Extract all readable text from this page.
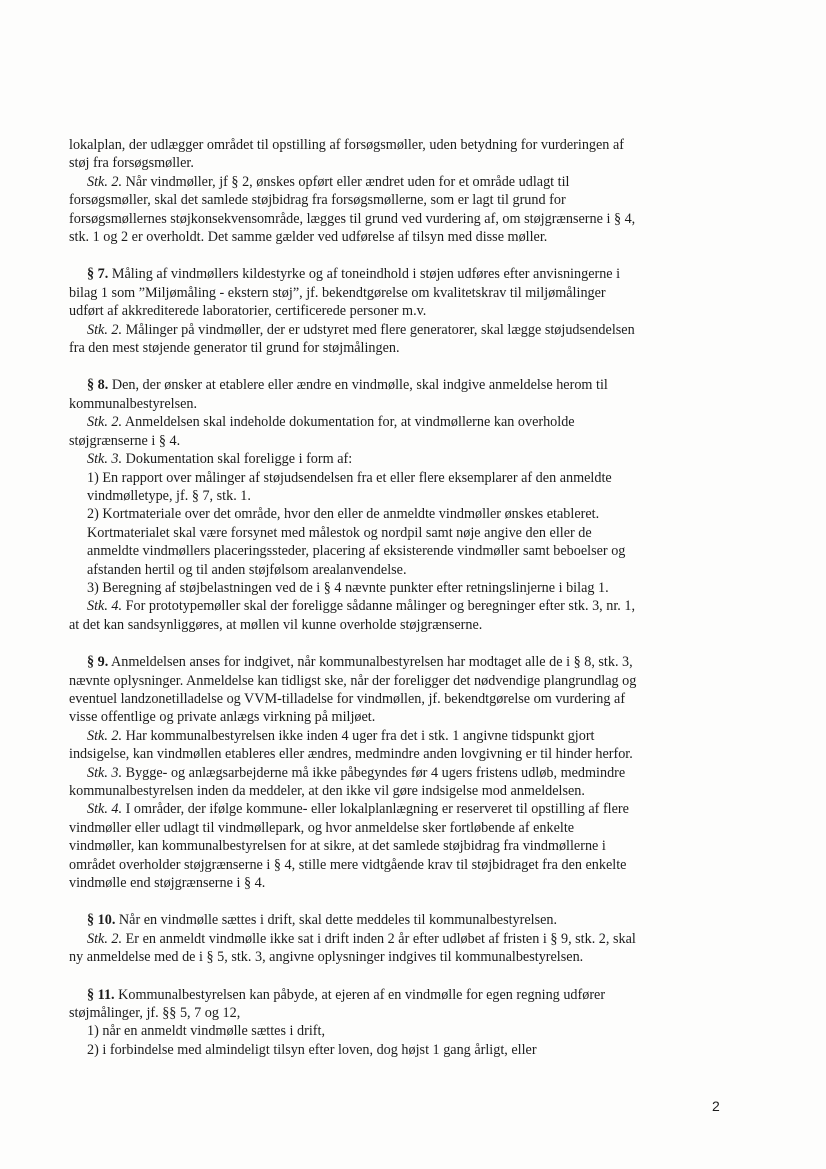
lokalplan, der udlægger området til opstilling af forsøgsmøller, uden betydning for vurderingen af
støj fra forsøgsmøller.
Stk. 2. Når vindmøller, jf § 2, ønskes opført eller ændret uden for et område udlagt til
forsøgsmøller, skal det samlede støjbidrag fra forsøgsmøllerne, som er lagt til grund for
forsøgsmøllernes støjkonsekvensområde, lægges til grund ved vurdering af, om støjgrænserne i § 4,
stk. 1 og 2 er overholdt. Det samme gælder ved udførelse af tilsyn med disse møller.
§ 7. Måling af vindmøllers kildestyrke og af toneindhold i støjen udføres efter anvisningerne i
bilag 1 som ”Miljømåling - ekstern støj”, jf. bekendtgørelse om kvalitetskrav til miljømålinger
udført af akkrediterede laboratorier, certificerede personer m.v.
Stk. 2. Målinger på vindmøller, der er udstyret med flere generatorer, skal lægge støjudsendelsen
fra den mest støjende generator til grund for støjmålingen.
§ 8. Den, der ønsker at etablere eller ændre en vindmølle, skal indgive anmeldelse herom til
kommunalbestyrelsen.
Stk. 2. Anmeldelsen skal indeholde dokumentation for, at vindmøllerne kan overholde
støjgrænserne i § 4.
Stk. 3. Dokumentation skal foreligge i form af:
1) En rapport over målinger af støjudsendelsen fra et eller flere eksemplarer af den anmeldte
vindmølletype, jf. § 7, stk. 1.
2) Kortmateriale over det område, hvor den eller de anmeldte vindmøller ønskes etableret.
Kortmaterialet skal være forsynet med målestok og nordpil samt nøje angive den eller de
anmeldte vindmøllers placeringssteder, placering af eksisterende vindmøller samt beboelser og
afstanden hertil og til anden støjfølsom arealanvendelse.
3) Beregning af støjbelastningen ved de i § 4 nævnte punkter efter retningslinjerne i bilag 1.
Stk. 4. For prototypemøller skal der foreligge sådanne målinger og beregninger efter stk. 3, nr. 1,
at det kan sandsynliggøres, at møllen vil kunne overholde støjgrænserne.
§ 9. Anmeldelsen anses for indgivet, når kommunalbestyrelsen har modtaget alle de i § 8, stk. 3,
nævnte oplysninger. Anmeldelse kan tidligst ske, når der foreligger det nødvendige plangrundlag og
eventuel landzonetilladelse og VVM-tilladelse for vindmøllen, jf. bekendtgørelse om vurdering af
visse offentlige og private anlægs virkning på miljøet.
Stk. 2. Har kommunalbestyrelsen ikke inden 4 uger fra det i stk. 1 angivne tidspunkt gjort
indsigelse, kan vindmøllen etableres eller ændres, medmindre anden lovgivning er til hinder herfor.
Stk. 3. Bygge- og anlægsarbejderne må ikke påbegyndes før 4 ugers fristens udløb, medmindre
kommunalbestyrelsen inden da meddeler, at den ikke vil gøre indsigelse mod anmeldelsen.
Stk. 4. I områder, der ifølge kommune- eller lokalplanlægning er reserveret til opstilling af flere
vindmøller eller udlagt til vindmøllepark, og hvor anmeldelse sker fortløbende af enkelte
vindmøller, kan kommunalbestyrelsen for at sikre, at det samlede støjbidrag fra vindmøllerne i
området overholder støjgrænserne i § 4, stille mere vidtgående krav til støjbidraget fra den enkelte
vindmølle end støjgrænserne i § 4.
§ 10. Når en vindmølle sættes i drift, skal dette meddeles til kommunalbestyrelsen.
Stk. 2. Er en anmeldt vindmølle ikke sat i drift inden 2 år efter udløbet af fristen i § 9, stk. 2, skal
ny anmeldelse med de i § 5, stk. 3, angivne oplysninger indgives til kommunalbestyrelsen.
§ 11. Kommunalbestyrelsen kan påbyde, at ejeren af en vindmølle for egen regning udfører
støjmålinger, jf. §§ 5, 7 og 12,
1) når en anmeldt vindmølle sættes i drift,
2) i forbindelse med almindeligt tilsyn efter loven, dog højst 1 gang årligt, eller
2
